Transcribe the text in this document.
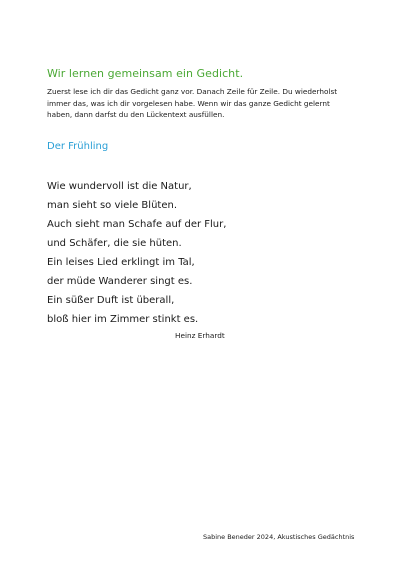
Wir lernen gemeinsam ein Gedicht.
Zuerst lese ich dir das Gedicht ganz vor. Danach Zeile für Zeile. Du wiederholst immer das, was ich dir vorgelesen habe. Wenn wir das ganze Gedicht gelernt haben, dann darfst du den Lückentext ausfüllen.
Der Frühling
Wie wundervoll ist die Natur,
man sieht so viele Blüten.
Auch sieht man Schafe auf der Flur,
und Schäfer, die sie hüten.
Ein leises Lied erklingt im Tal,
der müde Wanderer singt es.
Ein süßer Duft ist überall,
bloß hier im Zimmer stinkt es.
Heinz Erhardt
Sabine Beneder 2024, Akustisches Gedächtnis
